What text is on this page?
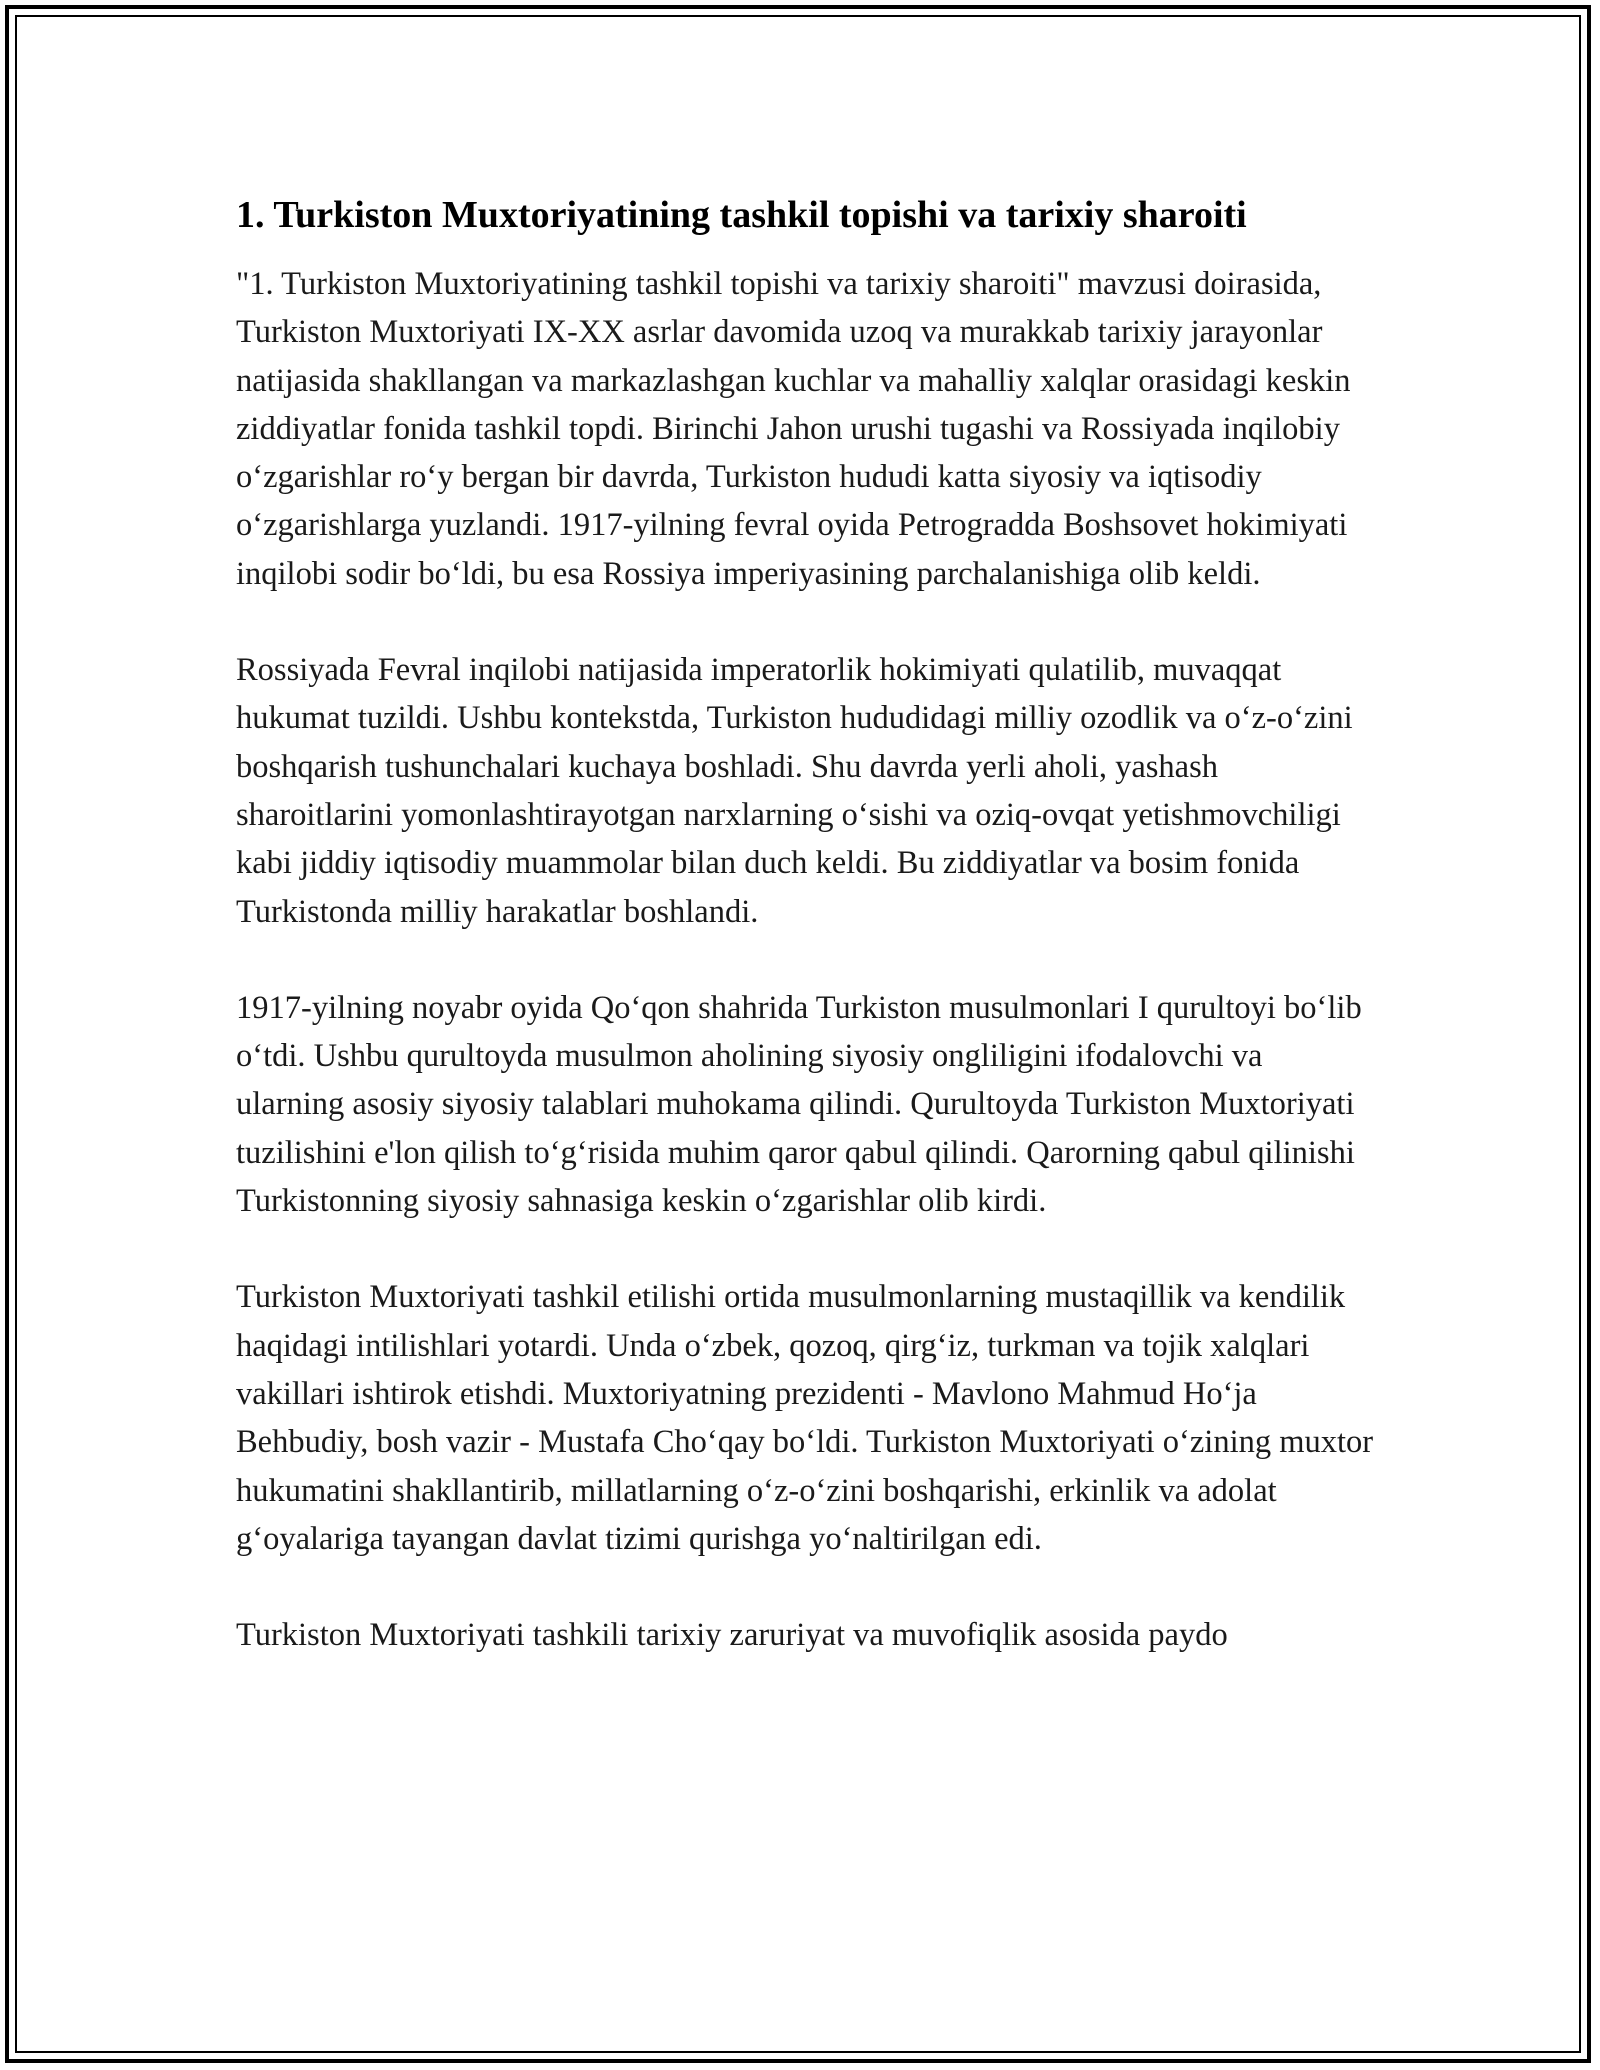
1. Turkiston Muxtoriyatining tashkil topishi va tarixiy sharoiti

"1. Turkiston Muxtoriyatining tashkil topishi va tarixiy sharoiti" mavzusi doirasida, Turkiston Muxtoriyati IX-XX asrlar davomida uzoq va murakkab tarixiy jarayonlar natijasida shakllangan va markazlashgan kuchlar va mahalliy xalqlar orasidagi keskin ziddiyatlar fonida tashkil topdi. Birinchi Jahon urushi tugashi va Rossiyada inqilobiy oʻzgarishlar roʻy bergan bir davrda, Turkiston hududi katta siyosiy va iqtisodiy oʻzgarishlarga yuzlandi. 1917-yilning fevral oyida Petrogradda Boshsovet hokimiyati inqilobi sodir boʻldi, bu esa Rossiya imperiyasining parchalanishiga olib keldi.

Rossiyada Fevral inqilobi natijasida imperatorlik hokimiyati qulatilib, muvaqqat hukumat tuzildi. Ushbu kontekstda, Turkiston hududidagi milliy ozodlik va oʻz-oʻzini boshqarish tushunchalari kuchaya boshladi. Shu davrda yerli aholi, yashash sharoitlarini yomonlashtirayotgan narxlarning oʻsishi va oziq-ovqat yetishmovchiligi kabi jiddiy iqtisodiy muammolar bilan duch keldi. Bu ziddiyatlar va bosim fonida Turkistonda milliy harakatlar boshlandi.

1917-yilning noyabr oyida Qoʻqon shahrida Turkiston musulmonlari I qurultoyi boʻlib oʻtdi. Ushbu qurultoyda musulmon aholining siyosiy ongliligini ifodalovchi va ularning asosiy siyosiy talablari muhokama qilindi. Qurultoyda Turkiston Muxtoriyati tuzilishini e'lon qilish toʻgʻrisida muhim qaror qabul qilindi. Qarorning qabul qilinishi Turkistonning siyosiy sahnasiga keskin oʻzgarishlar olib kirdi.

Turkiston Muxtoriyati tashkil etilishi ortida musulmonlarning mustaqillik va kendilik haqidagi intilishlari yotardi. Unda oʻzbek, qozoq, qirgʻiz, turkman va tojik xalqlari vakillari ishtirok etishdi. Muxtoriyatning prezidenti - Mavlono Mahmud Hoʻja Behbudiy, bosh vazir - Mustafa Choʻqay boʻldi. Turkiston Muxtoriyati oʻzining muxtor hukumatini shakllantirib, millatlarning oʻz-oʻzini boshqarishi, erkinlik va adolat gʻoyalariga tayangan davlat tizimi qurishga yoʻnaltirilgan edi.

Turkiston Muxtoriyati tashkili tarixiy zaruriyat va muvofiqlik asosida paydo
